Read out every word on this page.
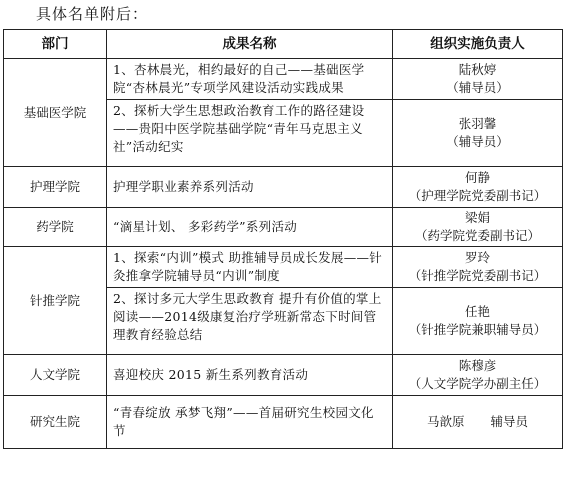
具体名单附后：
部门	成果名称	组织实施负责人
基础医学院	1、杏林晨光，相约最好的自己——基础医学院“杏林晨光”专项学风建设活动实践成果	陆秋婷
（辅导员）

	2、探析大学生思想政治教育工作的路径建设——贵阳中医学院基础学院“青年马克思主义社”活动纪实	张羽馨
（辅导员）

护理学院	护理学职业素养系列活动	何静
（护理学院党委副书记）

药学院	“滴星计划、 多彩药学”系列活动	梁娟
（药学院党委副书记）

针推学院	1、探索“内训”模式 助推辅导员成长发展——针灸推拿学院辅导员“内训”制度	罗玲
（针推学院党委副书记）

	2、探讨多元大学生思政教育 提升有价值的掌上阅读——2014级康复治疗学班新常态下时间管理教育经验总结	任艳
（针推学院兼职辅导员）

人文学院	喜迎校庆 2015 新生系列教育活动	陈穆彦
（人文学院学办副主任）

研究生院	“青春绽放 承梦飞翔”——首届研究生校园文化节	马歆原 辅导员
